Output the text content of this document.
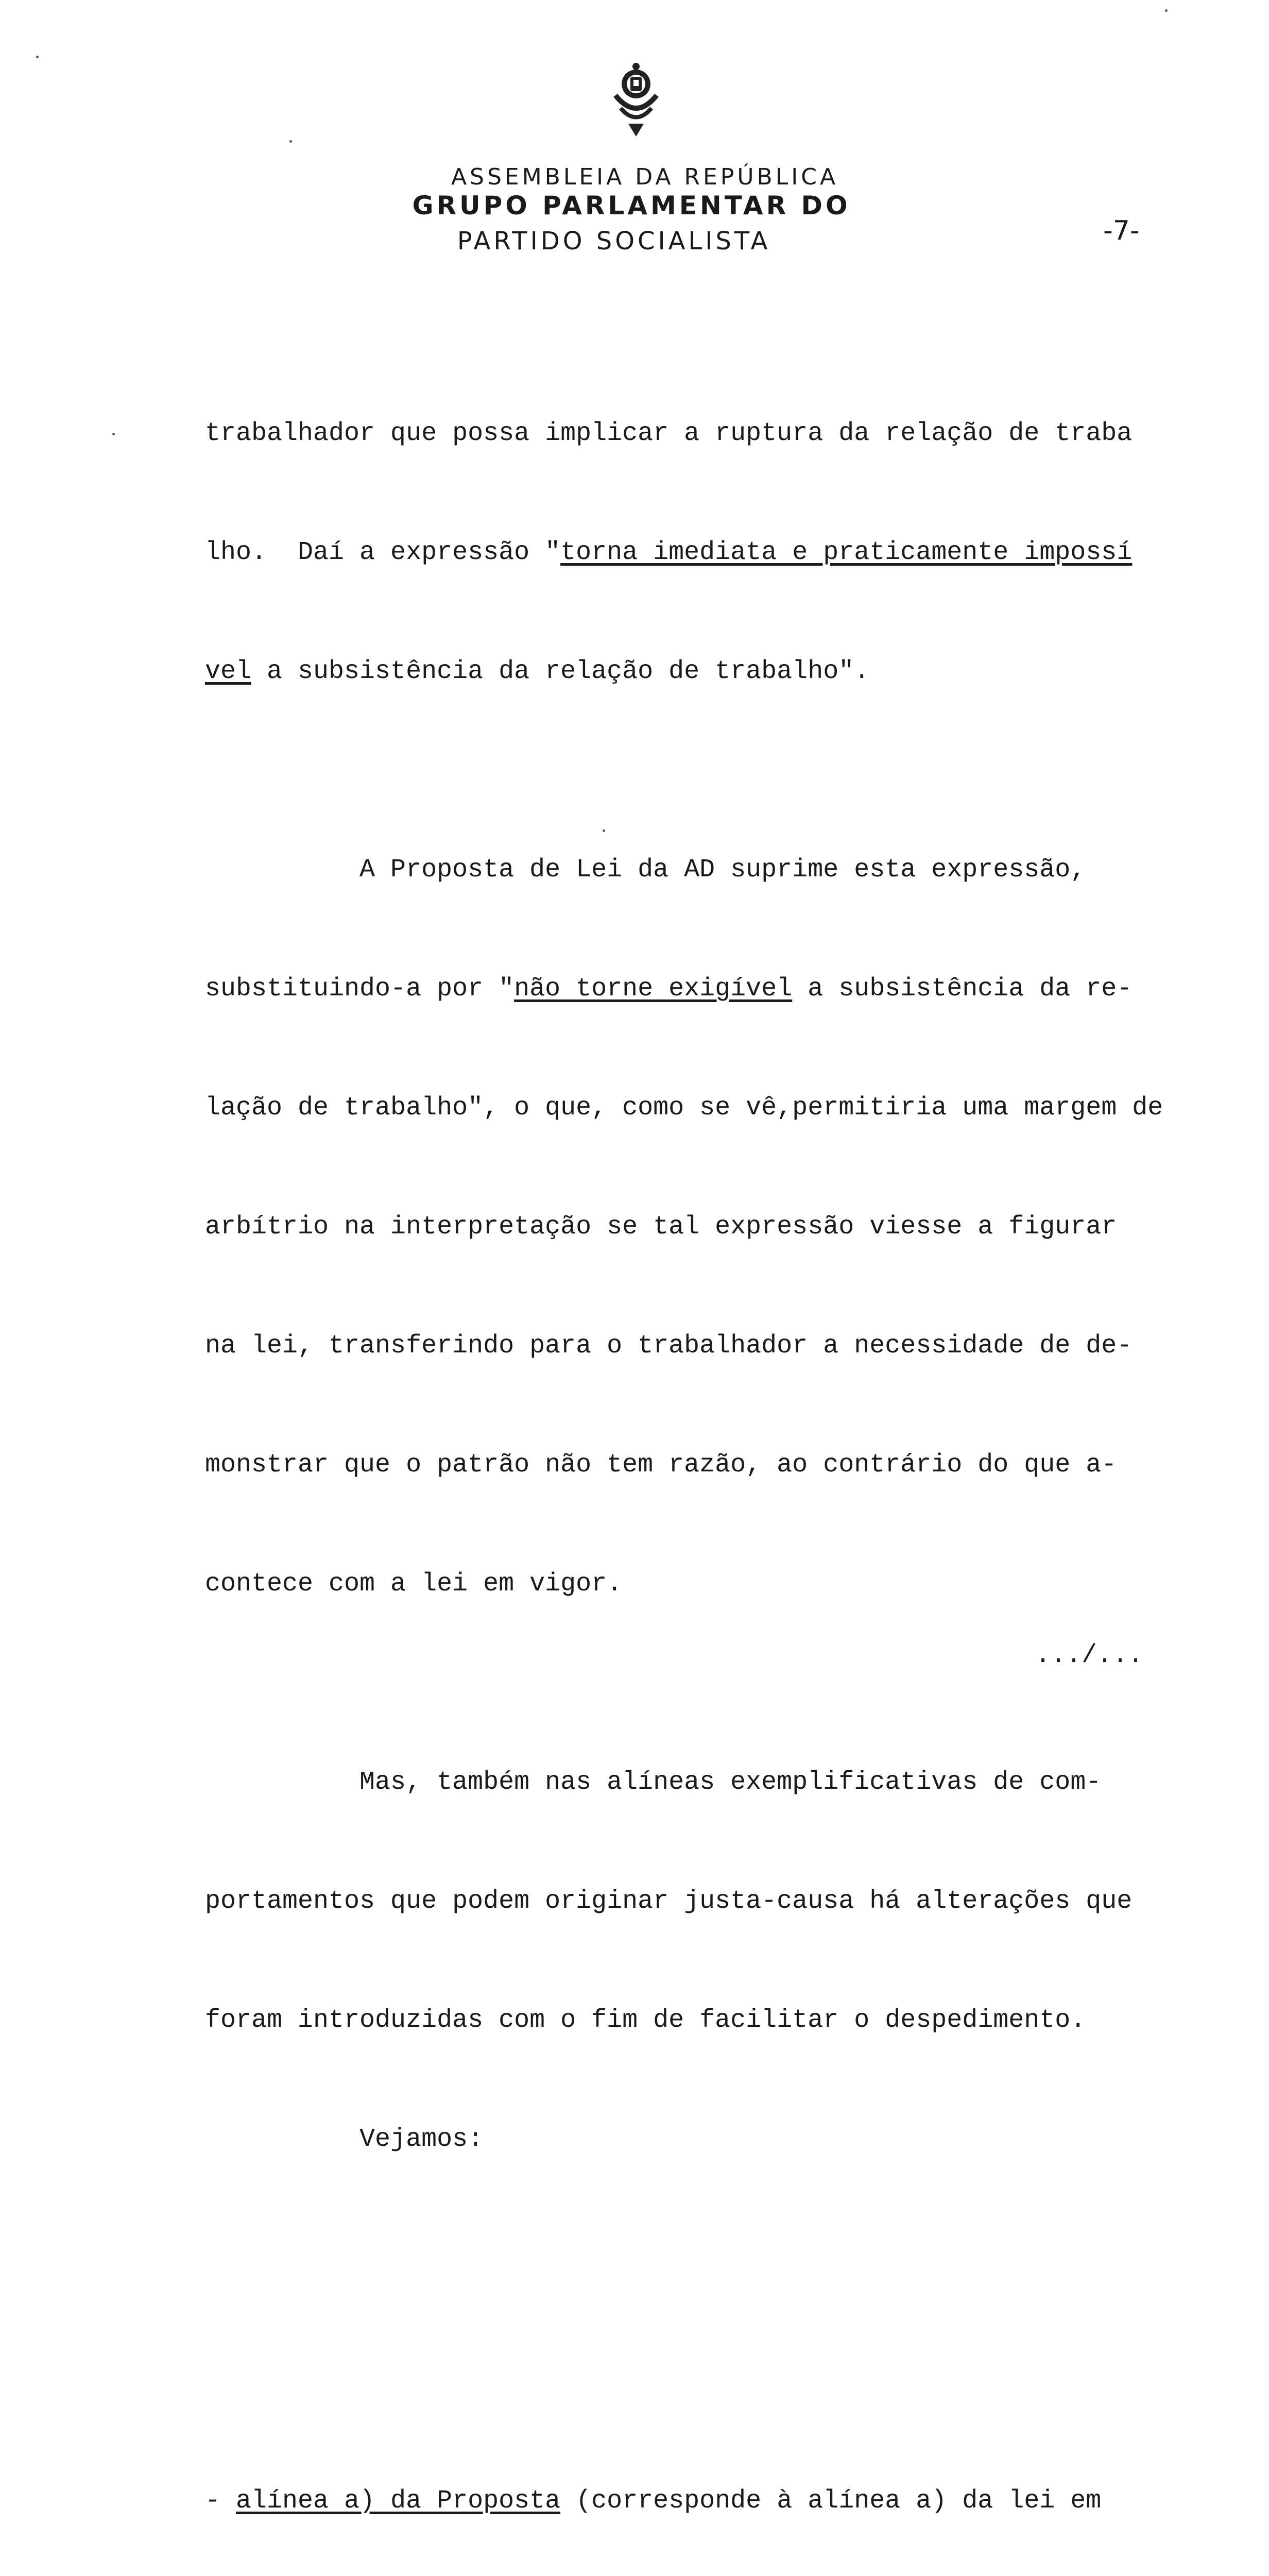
ASSEMBLEIA DA REPÚBLICA
GRUPO PARLAMENTAR DO
PARTIDO SOCIALISTA	-7-

trabalhador que possa implicar a ruptura da relação de traba

lho.  Daí a expressão "torna imediata e praticamente impossí

vel a subsistência da relação de trabalho".

A Proposta de Lei da AD suprime esta expressão,

substituindo-a por "não torne exigível a subsistência da re-

lação de trabalho", o que, como se vê,permitiria uma margem de

arbítrio na interpretação se tal expressão viesse a figurar

na lei, transferindo para o trabalhador a necessidade de de-

monstrar que o patrão não tem razão, ao contrário do que a-

contece com a lei em vigor.

Mas, também nas alíneas exemplificativas de com-

portamentos que podem originar justa-causa há alterações que

foram introduzidas com o fim de facilitar o despedimento.

Vejamos:

- alínea a) da Proposta (corresponde à alínea a) da lei em

.../...
